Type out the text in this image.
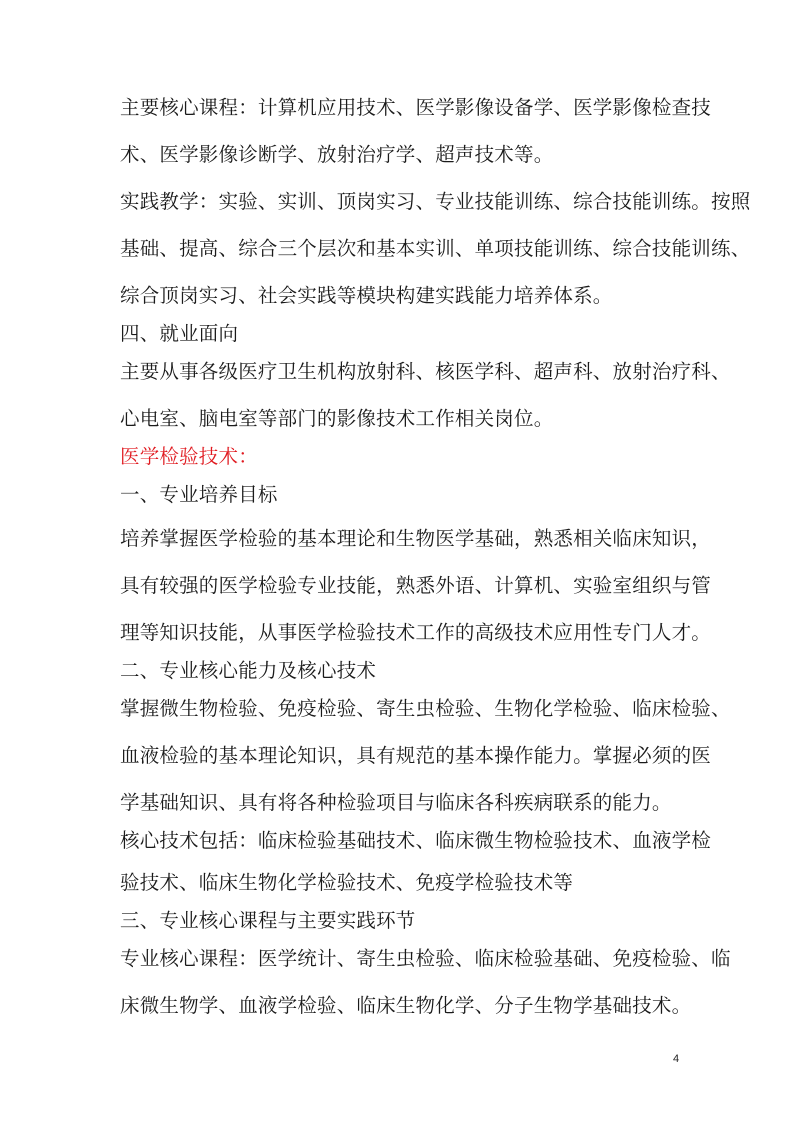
主要核心课程：计算机应用技术、医学影像设备学、医学影像检查技
术、医学影像诊断学、放射治疗学、超声技术等。
实践教学：实验、实训、顶岗实习、专业技能训练、综合技能训练。按照
基础、提高、综合三个层次和基本实训、单项技能训练、综合技能训练、
综合顶岗实习、社会实践等模块构建实践能力培养体系。
四、就业面向
主要从事各级医疗卫生机构放射科、核医学科、超声科、放射治疗科、
心电室、脑电室等部门的影像技术工作相关岗位。
医学检验技术：
一、专业培养目标
培养掌握医学检验的基本理论和生物医学基础，熟悉相关临床知识，
具有较强的医学检验专业技能，熟悉外语、计算机、实验室组织与管
理等知识技能，从事医学检验技术工作的高级技术应用性专门人才。
二、专业核心能力及核心技术
掌握微生物检验、免疫检验、寄生虫检验、生物化学检验、临床检验、
血液检验的基本理论知识，具有规范的基本操作能力。掌握必须的医
学基础知识、具有将各种检验项目与临床各科疾病联系的能力。
核心技术包括：临床检验基础技术、临床微生物检验技术、血液学检
验技术、临床生物化学检验技术、免疫学检验技术等
三、专业核心课程与主要实践环节
专业核心课程：医学统计、寄生虫检验、临床检验基础、免疫检验、临
床微生物学、血液学检验、临床生物化学、分子生物学基础技术。
4
